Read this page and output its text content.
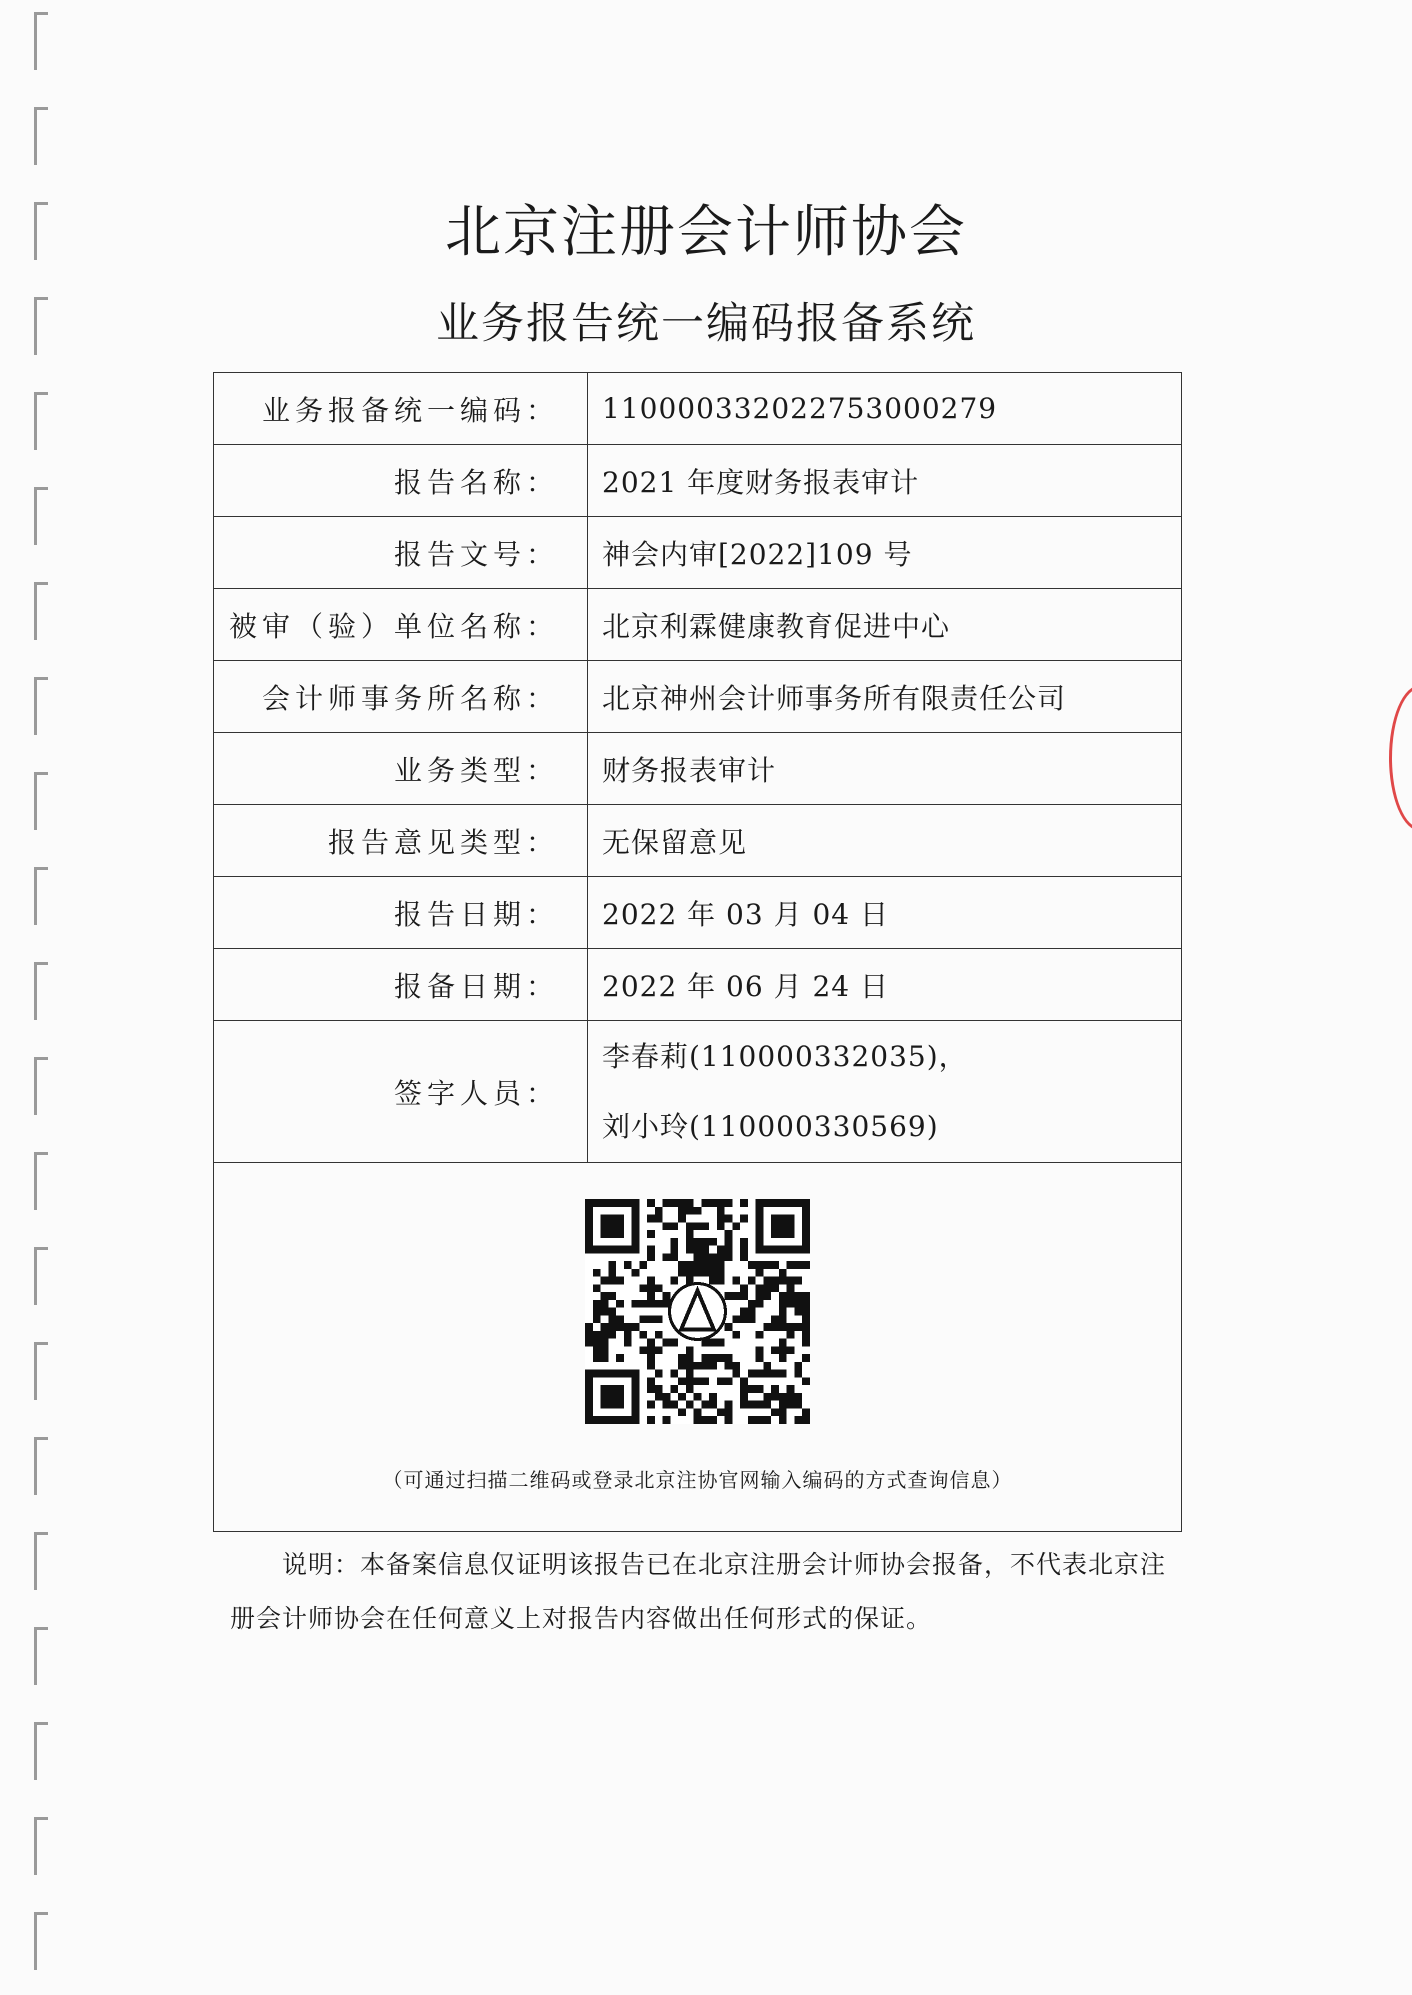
北京注册会计师协会
业务报告统一编码报备系统
业务报备统一编码：	110000332022753000279
报告名称：	2021 年度财务报表审计
报告文号：	神会内审[2022]109 号
被审（验）单位名称：	北京利霖健康教育促进中心
会计师事务所名称：	北京神州会计师事务所有限责任公司
业务类型：	财务报表审计
报告意见类型：	无保留意见
报告日期：	2022 年 03 月 04 日
报备日期：	2022 年 06 月 24 日
签字人员：	李春莉(110000332035)，
刘小玲(110000330569)

（可通过扫描二维码或登录北京注协官网输入编码的方式查询信息）	
说明：本备案信息仅证明该报告已在北京注册会计师协会报备，不代表北京注册会计师协会在任何意义上对报告内容做出任何形式的保证。
